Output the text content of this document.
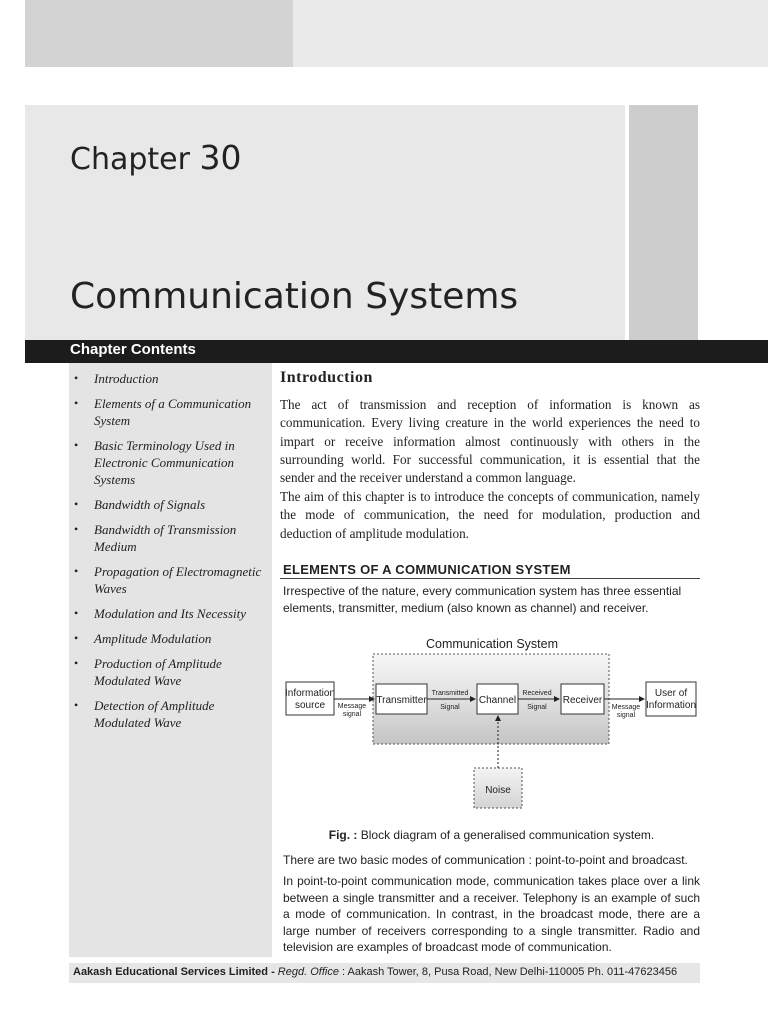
Chapter 30
Communication Systems
Chapter Contents
• Introduction
• Elements of a Communication System
• Basic Terminology Used in Electronic Communication Systems
• Bandwidth of Signals
• Bandwidth of Transmission Medium
• Propagation of Electromagnetic Waves
• Modulation and Its Necessity
• Amplitude Modulation
• Production of Amplitude Modulated Wave
• Detection of Amplitude Modulated Wave
Introduction

The act of transmission and reception of information is known as communication. Every living creature in the world experiences the need to impart or receive information almost continuously with others in the surrounding world. For successful communication, it is essential that the sender and the receiver understand a common language.

The aim of this chapter is to introduce the concepts of communication, namely the mode of communication, the need for modulation, production and deduction of amplitude modulation.

ELEMENTS OF A COMMUNICATION SYSTEM

Irrespective of the nature, every communication system has three essential elements, transmitter, medium (also known as channel) and receiver.

Communication System
Information
source Message
signal
Transmitter
Transmitted
Signal
Channel
Received
Signal
Receiver
Message
signal
User of
Information
Noise
Fig. : Block diagram of a generalised communication system.

There are two basic modes of communication : point-to-point and broadcast.

In point-to-point communication mode, communication takes place over a link between a single transmitter and a receiver. Telephony is an example of such a mode of communication. In contrast, in the broadcast mode, there are a large number of receivers corresponding to a single transmitter. Radio and television are examples of broadcast mode of communication.

Aakash Educational Services Limited - Regd. Office : Aakash Tower, 8, Pusa Road, New Delhi-110005 Ph. 011-47623456
